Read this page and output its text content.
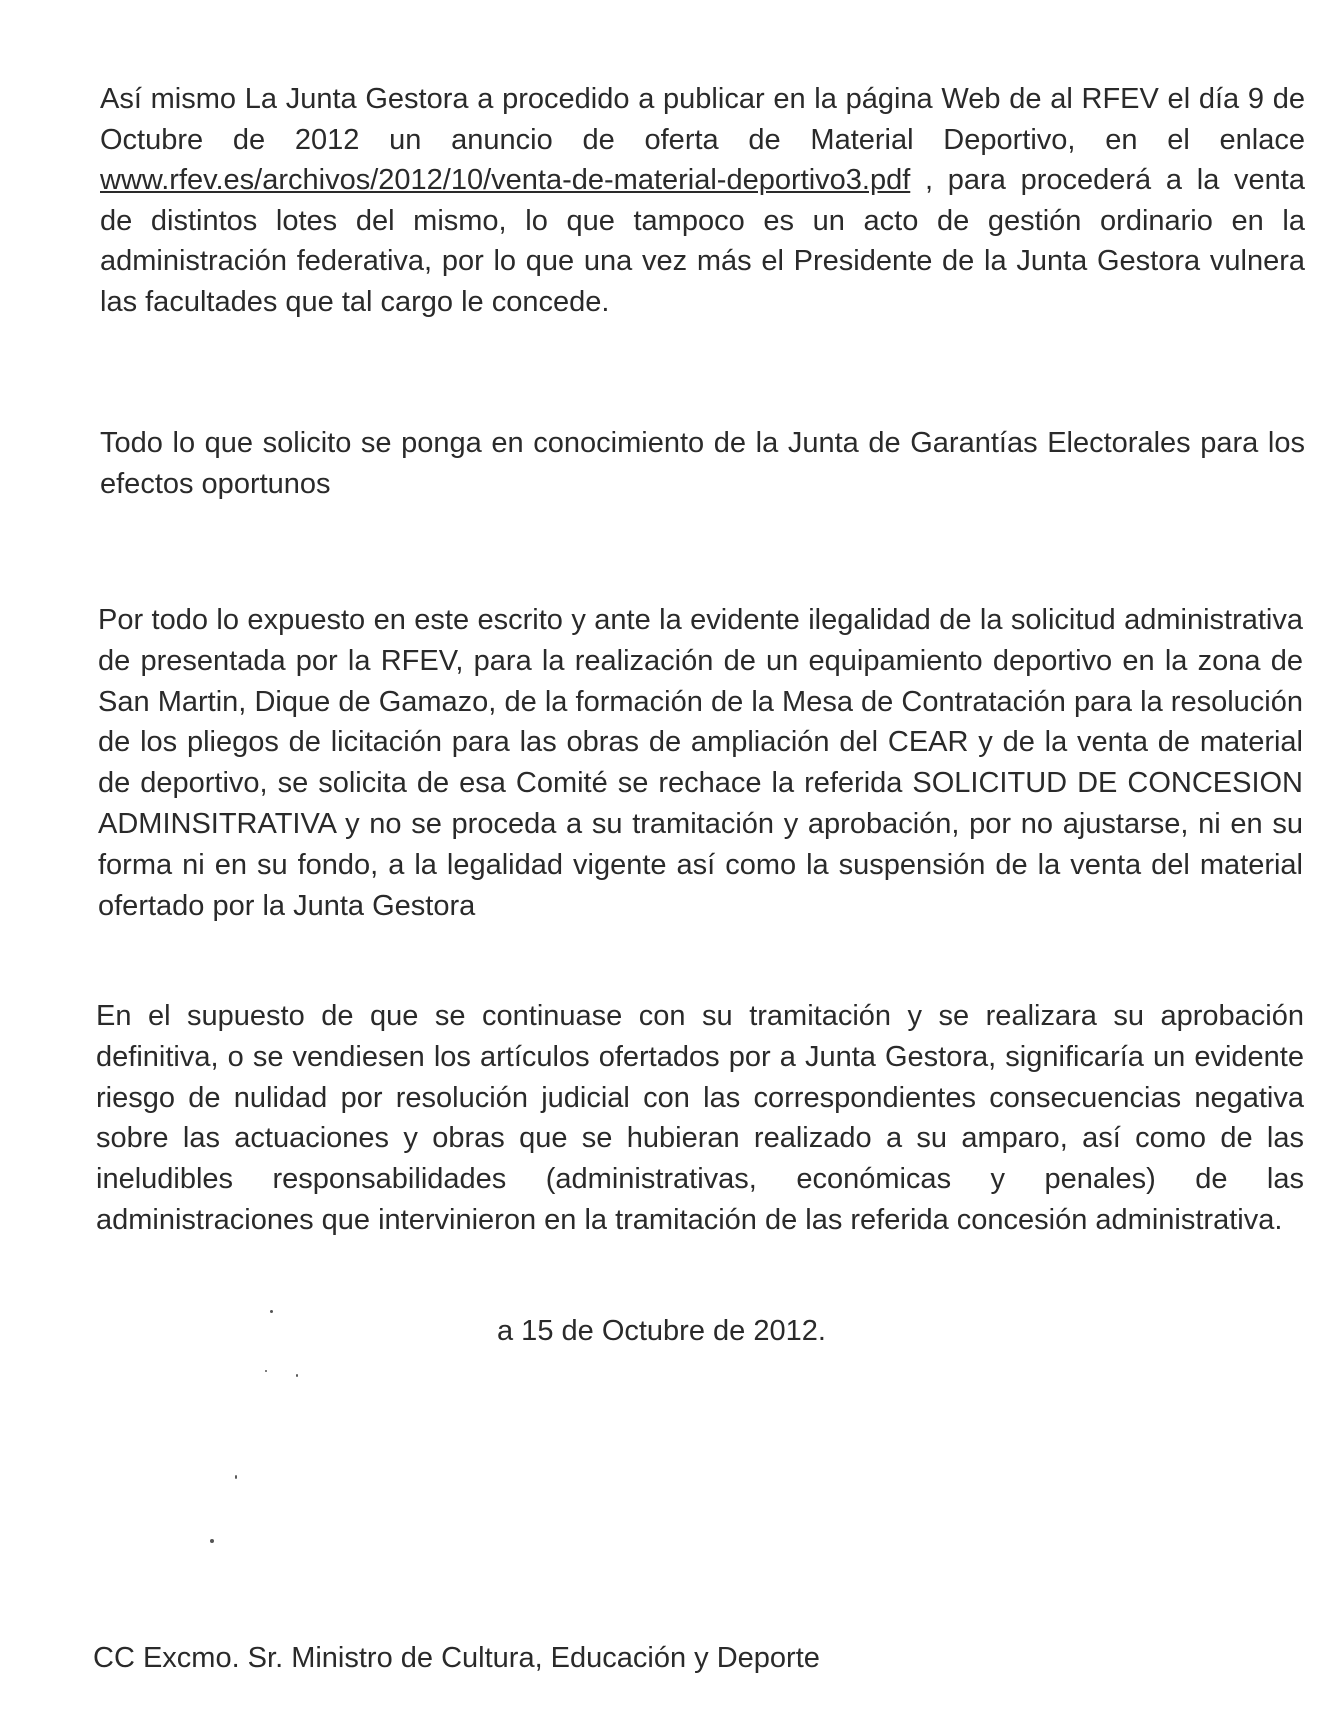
Así mismo La Junta Gestora a procedido a publicar en la página Web de al RFEV el día 9 de Octubre de 2012 un anuncio de oferta de Material Deportivo, en el enlace www.rfev.es/archivos/2012/10/venta-de-material-deportivo3.pdf , para procederá a la venta de distintos lotes del mismo, lo que tampoco es un acto de gestión ordinario en la administración federativa, por lo que una vez más el Presidente de la Junta Gestora vulnera las facultades que tal cargo le concede.

Todo lo que solicito se ponga en conocimiento de la Junta de Garantías Electorales para los efectos oportunos

Por todo lo expuesto en este escrito y ante la evidente ilegalidad de la solicitud administrativa de presentada por la RFEV, para la realización de un equipamiento deportivo en la zona de San Martin, Dique de Gamazo, de la formación de la Mesa de Contratación para la resolución de los pliegos de licitación para las obras de ampliación del CEAR y de la venta de material de deportivo, se solicita de esa Comité se rechace la referida SOLICITUD DE CONCESION ADMINSITRATIVA y no se proceda a su tramitación y aprobación, por no ajustarse, ni en su forma ni en su fondo, a la legalidad vigente así como la suspensión de la venta del material ofertado por la Junta Gestora

En el supuesto de que se continuase con su tramitación y se realizara su aprobación definitiva, o se vendiesen los artículos ofertados por a Junta Gestora, significaría un evidente riesgo de nulidad por resolución judicial con las correspondientes consecuencias negativa sobre las actuaciones y obras que se hubieran realizado a su amparo, así como de las ineludibles responsabilidades (administrativas, económicas y penales) de las administraciones que intervinieron en la tramitación de las referida concesión administrativa.

a 15 de Octubre de 2012.
CC Excmo. Sr. Ministro de Cultura, Educación y Deporte
